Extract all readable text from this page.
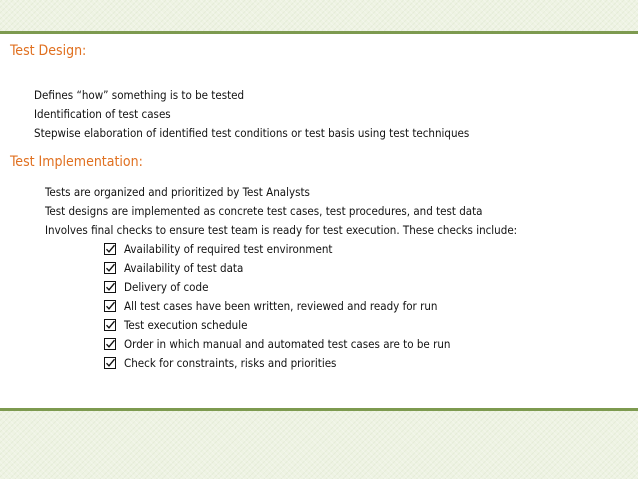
Test Design:
Defines “how” something is to be tested
Identification of test cases
Stepwise elaboration of identified test conditions or test basis using test techniques
Test Implementation:
Tests are organized and prioritized by Test Analysts
Test designs are implemented as concrete test cases, test procedures, and test data
Involves final checks to ensure test team is ready for test execution. These checks include:
Availability of required test environment
Availability of test data
Delivery of code
All test cases have been written, reviewed and ready for run
Test execution schedule
Order in which manual and automated test cases are to be run
Check for constraints, risks and priorities
